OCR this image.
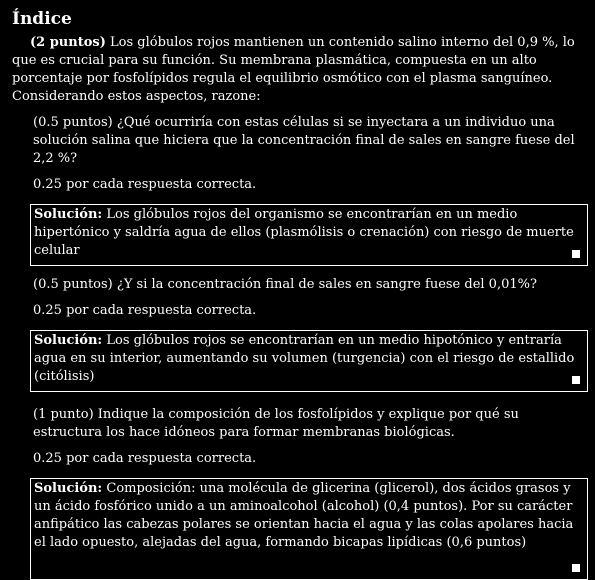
Índice
(2 puntos) Los glóbulos rojos mantienen un contenido salino interno del 0,9 %, lo que es crucial para su función. Su membrana plasmática, compuesta en un alto porcentaje por fosfolípidos regula el equilibrio osmótico con el plasma sanguíneo. Considerando estos aspectos, razone:
(0.5 puntos) ¿Qué ocurriría con estas células si se inyectara a un individuo una solución salina que hiciera que la concentración final de sales en sangre fuese del 2,2 %?
0.25 por cada respuesta correcta.
Solución: Los glóbulos rojos del organismo se encontrarían en un medio hipertónico y saldría agua de ellos (plasmólisis o crenación) con riesgo de muerte celular
(0.5 puntos) ¿Y si la concentración final de sales en sangre fuese del 0,01%?
0.25 por cada respuesta correcta.
Solución: Los glóbulos rojos se encontrarían en un medio hipotónico y entraría agua en su interior, aumentando su volumen (turgencia) con el riesgo de estallido (citólisis)
(1 punto) Indique la composición de los fosfolípidos y explique por qué su estructura los hace idóneos para formar membranas biológicas.
0.25 por cada respuesta correcta.
Solución: Composición: una molécula de glicerina (glicerol), dos ácidos grasos y un ácido fosfórico unido a un aminoalcohol (alcohol) (0,4 puntos). Por su carácter anfipático las cabezas polares se orientan hacia el agua y las colas apolares hacia el lado opuesto, alejadas del agua, formando bicapas lipídicas (0,6 puntos)
